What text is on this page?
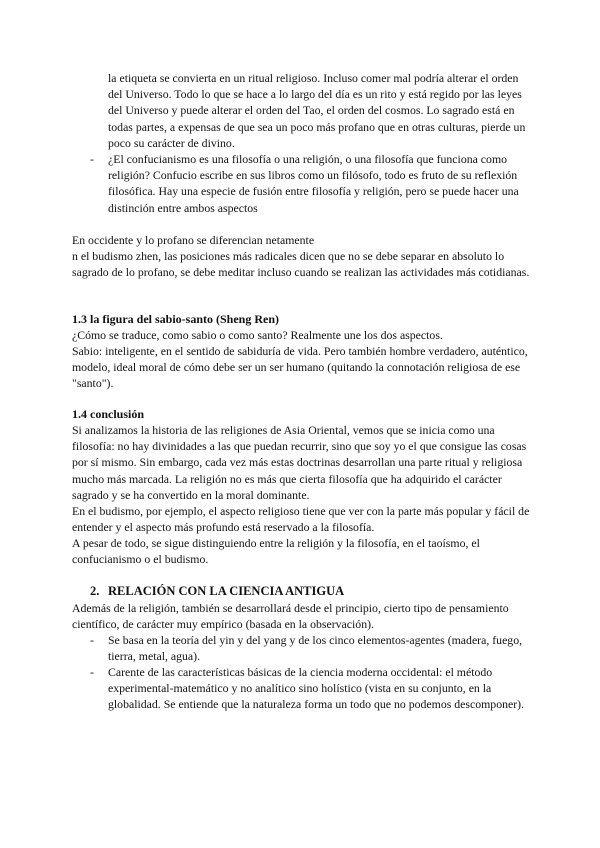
la etiqueta se convierta en un ritual religioso. Incluso comer mal podría alterar el orden del Universo. Todo lo que se hace a lo largo del día es un rito y está regido por las leyes del Universo y puede alterar el orden del Tao, el orden del cosmos. Lo sagrado está en todas partes, a expensas de que sea un poco más profano que en otras culturas, pierde un poco su carácter de divino.

- ¿El confucianismo es una filosofía o una religión, o una filosofía que funciona como religión? Confucio escribe en sus libros como un filósofo, todo es fruto de su reflexión filosófica. Hay una especie de fusión entre filosofía y religión, pero se puede hacer una distinción entre ambos aspectos

En occidente y lo profano se diferencian netamente

n el budismo zhen, las posiciones más radicales dicen que no se debe separar en absoluto lo sagrado de lo profano, se debe meditar incluso cuando se realizan las actividades más cotidianas.

1.3 la figura del sabio-santo (Sheng Ren)

¿Cómo se traduce, como sabio o como santo? Realmente une los dos aspectos.

Sabio: inteligente, en el sentido de sabiduría de vida. Pero también hombre verdadero, auténtico, modelo, ideal moral de cómo debe ser un ser humano (quitando la connotación religiosa de ese "santo").

1.4 conclusión

Si analizamos la historia de las religiones de Asia Oriental, vemos que se inicia como una filosofía: no hay divinidades a las que puedan recurrir, sino que soy yo el que consigue las cosas por sí mismo. Sin embargo, cada vez más estas doctrinas desarrollan una parte ritual y religiosa mucho más marcada. La religión no es más que cierta filosofía que ha adquirido el carácter sagrado y se ha convertido en la moral dominante.

En el budismo, por ejemplo, el aspecto religioso tiene que ver con la parte más popular y fácil de entender y el aspecto más profundo está reservado a la filosofía.

A pesar de todo, se sigue distinguiendo entre la religión y la filosofía, en el taoísmo, el confucianismo o el budismo.

2. RELACIÓN CON LA CIENCIA ANTIGUA

Además de la religión, también se desarrollará desde el principio, cierto tipo de pensamiento científico, de carácter muy empírico (basada en la observación).

- Se basa en la teoría del yin y del yang y de los cinco elementos-agentes (madera, fuego, tierra, metal, agua).

- Carente de las características básicas de la ciencia moderna occidental: el método experimental-matemático y no analítico sino holístico (vista en su conjunto, en la globalidad. Se entiende que la naturaleza forma un todo que no podemos descomponer).
